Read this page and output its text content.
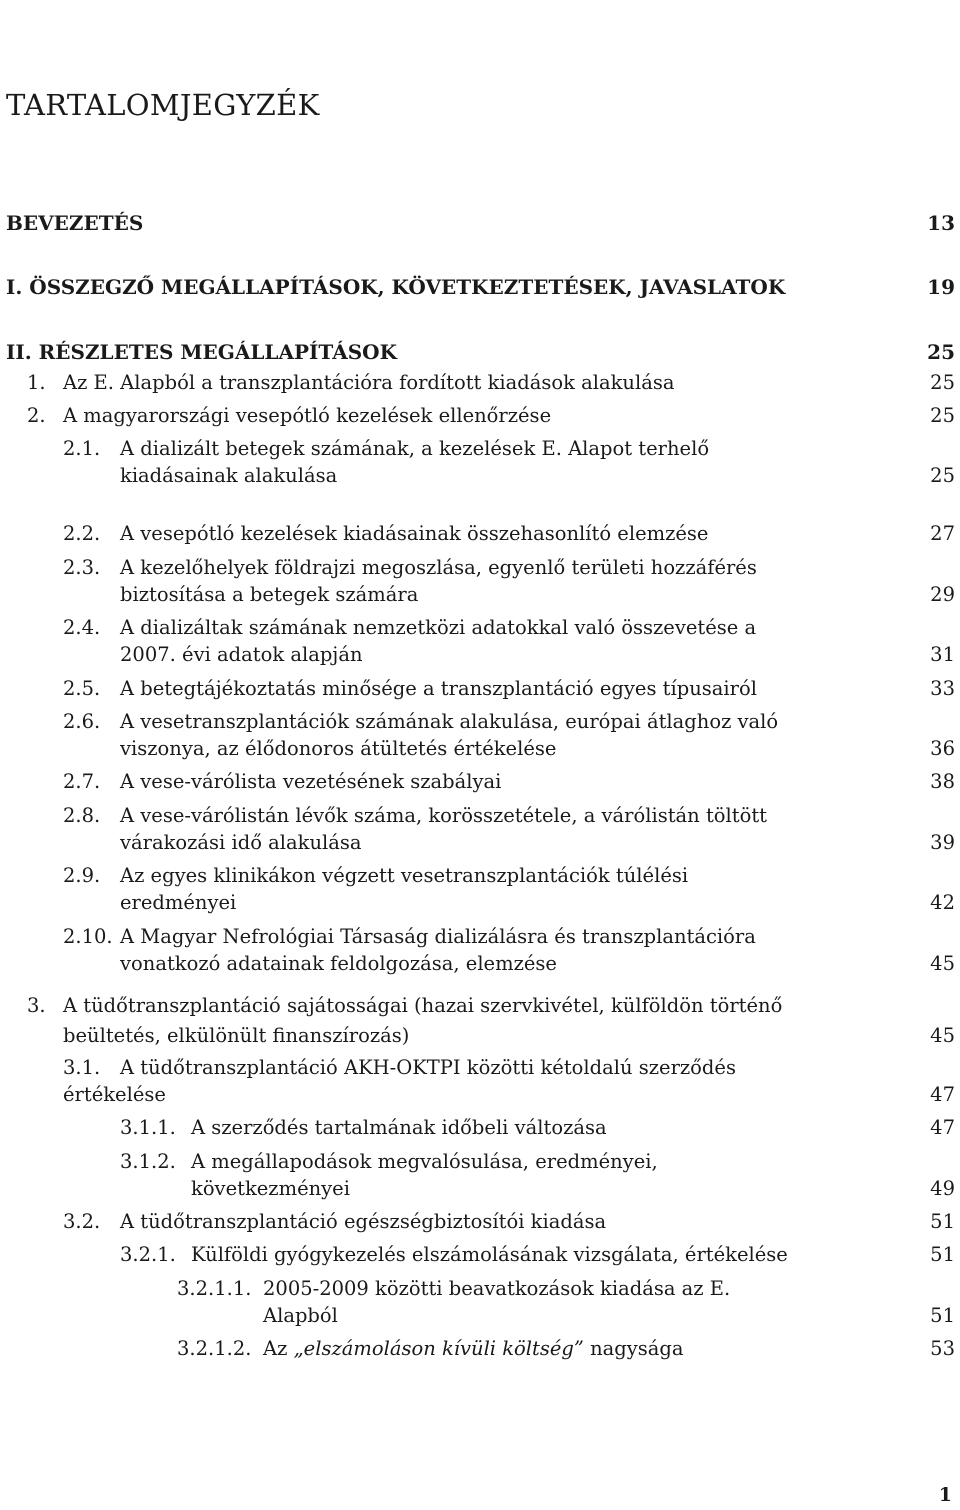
TARTALOMJEGYZÉK
BEVEZETÉS	13
I. ÖSSZEGZŐ MEGÁLLAPÍTÁSOK, KÖVETKEZTETÉSEK, JAVASLATOK	19
II. RÉSZLETES MEGÁLLAPÍTÁSOK	25
1. Az E. Alapból a transzplantációra fordított kiadások alakulása	25
2. A magyarországi vesepótló kezelések ellenőrzése	25
2.1. A dializált betegek számának, a kezelések E. Alapot terhelő
kiadásainak alakulása	25
2.2. A vesepótló kezelések kiadásainak összehasonlító elemzése	27
2.3. A kezelőhelyek földrajzi megoszlása, egyenlő területi hozzáférés
biztosítása a betegek számára	29
2.4. A dializáltak számának nemzetközi adatokkal való összevetése a
2007. évi adatok alapján	31
2.5. A betegtájékoztatás minősége a transzplantáció egyes típusairól	33
2.6. A vesetranszplantációk számának alakulása, európai átlaghoz való
viszonya, az élődonoros átültetés értékelése	36
2.7. A vese-várólista vezetésének szabályai	38
2.8. A vese-várólistán lévők száma, korösszetétele, a várólistán töltött
várakozási idő alakulása	39
2.9. Az egyes klinikákon végzett vesetranszplantációk túlélési
eredményei	42
2.10. A Magyar Nefrológiai Társaság dializálásra és transzplantációra
vonatkozó adatainak feldolgozása, elemzése	45
3. A tüdőtranszplantáció sajátosságai (hazai szervkivétel, külföldön történő
beültetés, elkülönült finanszírozás)	45
3.1. A tüdőtranszplantáció AKH-OKTPI közötti kétoldalú szerződés
értékelése	47
3.1.1. A szerződés tartalmának időbeli változása	47
3.1.2. A megállapodások megvalósulása, eredményei,
következményei	49
3.2. A tüdőtranszplantáció egészségbiztosítói kiadása	51
3.2.1. Külföldi gyógykezelés elszámolásának vizsgálata, értékelése	51
3.2.1.1. 2005-2009 közötti beavatkozások kiadása az E.
Alapból	51
3.2.1.2. Az „elszámoláson kívüli költség” nagysága	53
1
